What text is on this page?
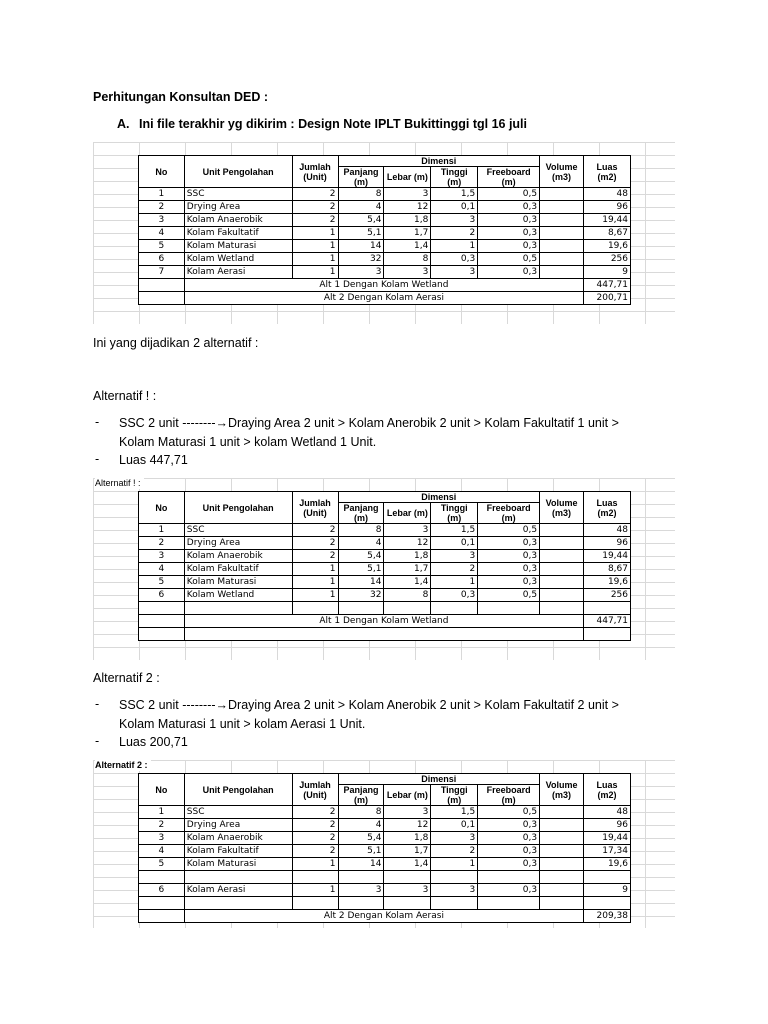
Perhitungan Konsultan DED :
A. Ini file terakhir yg dikirim : Design Note IPLT Bukittinggi tgl 16 juli
No	Unit Pengolahan	Jumlah (Unit)	Dimensi				Volume (m3)	Luas (m2)
			Panjang (m)	Lebar (m)	Tinggi (m)	Freeboard (m)		
1	SSC	2	8	3	1,5	0,5		48
2	Drying Area	2	4	12	0,1	0,3		96
3	Kolam Anaerobik	2	5,4	1,8	3	0,3		19,44
4	Kolam Fakultatif	1	5,1	1,7	2	0,3		8,67
5	Kolam Maturasi	1	14	1,4	1	0,3		19,6
6	Kolam Wetland	1	32	8	0,3	0,5		256
7	Kolam Aerasi	1	3	3	3	0,3		9
	Alt 1 Dengan Kolam Wetland							447,71
	Alt 2 Dengan Kolam Aerasi							200,71
Ini yang dijadikan 2 alternatif :
Alternatif ! :
- SSC 2 unit --------→Draying Area 2 unit > Kolam Anerobik 2 unit > Kolam Fakultatif 1 unit >
Kolam Maturasi 1 unit > kolam Wetland 1 Unit.
- Luas 447,71
Alternatif ! :
No	Unit Pengolahan	Jumlah (Unit)	Dimensi				Volume (m3)	Luas (m2)
			Panjang (m)	Lebar (m)	Tinggi (m)	Freeboard (m)		
1	SSC	2	8	3	1,5	0,5		48
2	Drying Area	2	4	12	0,1	0,3		96
3	Kolam Anaerobik	2	5,4	1,8	3	0,3		19,44
4	Kolam Fakultatif	1	5,1	1,7	2	0,3		8,67
5	Kolam Maturasi	1	14	1,4	1	0,3		19,6
6	Kolam Wetland	1	32	8	0,3	0,5		256

	Alt 1 Dengan Kolam Wetland							447,71

Alternatif 2 :
- SSC 2 unit --------→Draying Area 2 unit > Kolam Anerobik 2 unit > Kolam Fakultatif 2 unit >
Kolam Maturasi 1 unit > kolam Aerasi 1 Unit.
- Luas 200,71
Alternatif 2 :
No	Unit Pengolahan	Jumlah (Unit)	Dimensi				Volume (m3)	Luas (m2)
			Panjang (m)	Lebar (m)	Tinggi (m)	Freeboard (m)		
1	SSC	2	8	3	1,5	0,5		48
2	Drying Area	2	4	12	0,1	0,3		96
3	Kolam Anaerobik	2	5,4	1,8	3	0,3		19,44
4	Kolam Fakultatif	2	5,1	1,7	2	0,3		17,34
5	Kolam Maturasi	1	14	1,4	1	0,3		19,6

6	Kolam Aerasi	1	3	3	3	0,3		9

	Alt 2 Dengan Kolam Aerasi							209,38
